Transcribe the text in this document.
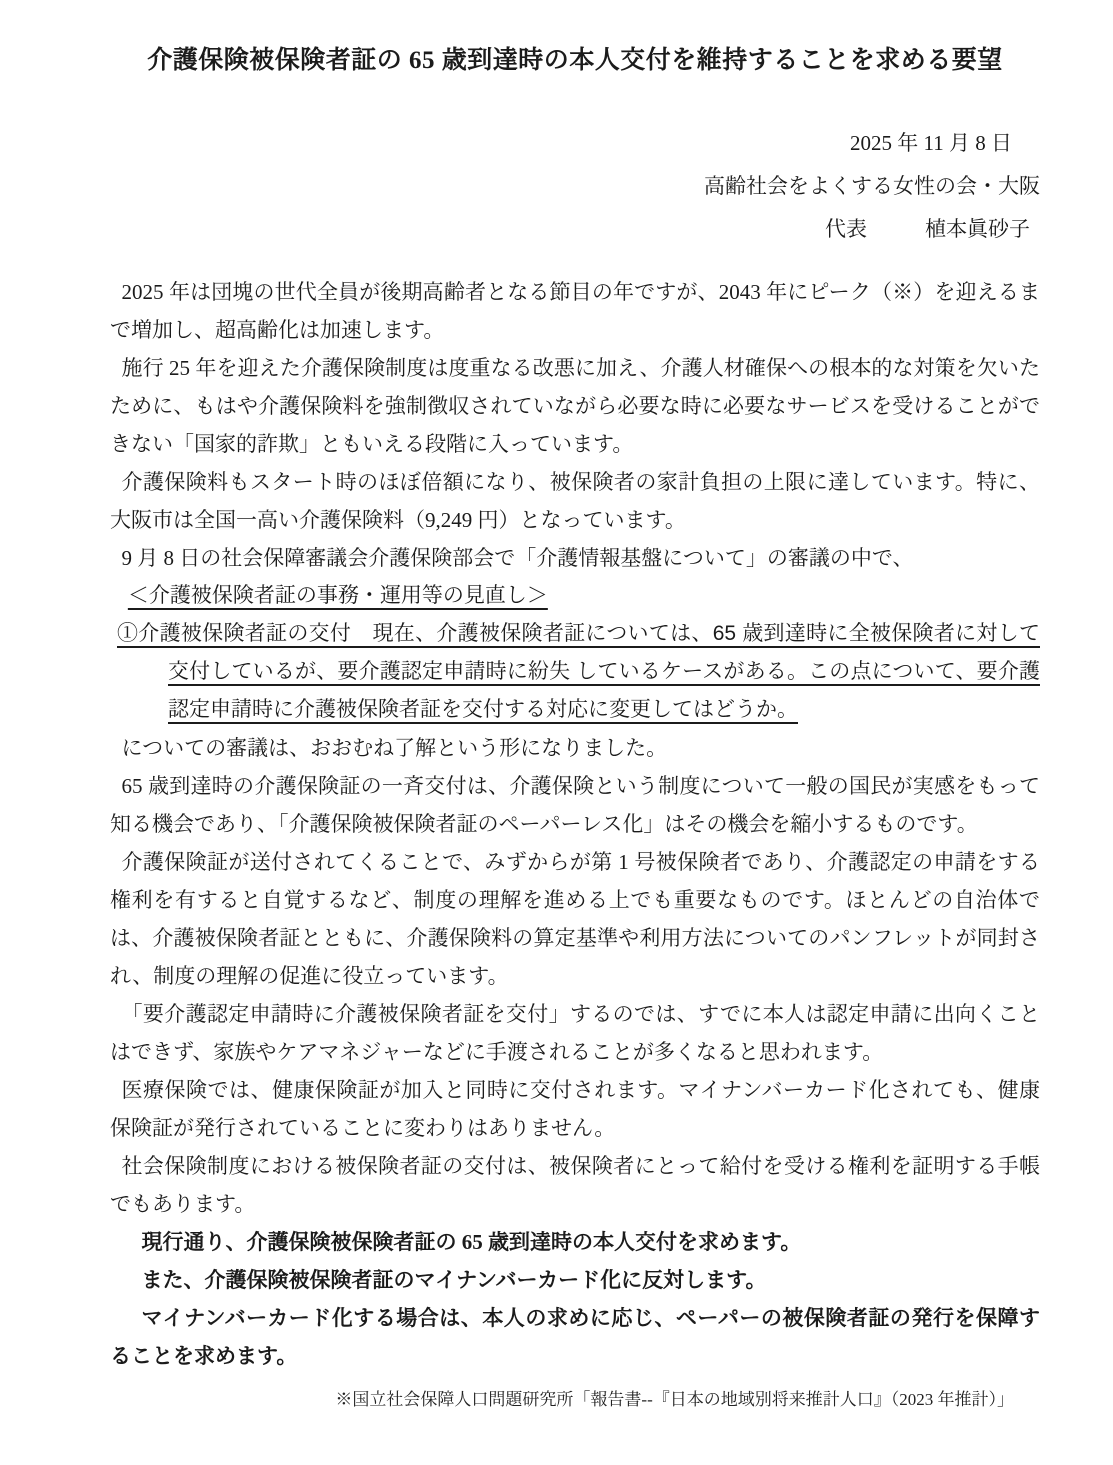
介護保険被保険者証の 65 歳到達時の本人交付を維持することを求める要望

2025 年 11 月 8 日

高齢社会をよくする女性の会・大阪

代表	植本眞砂子

2025 年は団塊の世代全員が後期高齢者となる節目の年ですが、2043 年にピーク（※）を迎えるまで増加し、超高齢化は加速します。

施行 25 年を迎えた介護保険制度は度重なる改悪に加え、介護人材確保への根本的な対策を欠いたために、もはや介護保険料を強制徴収されていながら必要な時に必要なサービスを受けることができない「国家的詐欺」ともいえる段階に入っています。

介護保険料もスタート時のほぼ倍額になり、被保険者の家計負担の上限に達しています。特に、大阪市は全国一高い介護保険料（9,249 円）となっています。

9 月 8 日の社会保障審議会介護保険部会で「介護情報基盤について」の審議の中で、

＜介護被保険者証の事務・運用等の見直し＞

①介護被保険者証の交付　現在、介護被保険者証については、65 歳到達時に全被保険者に対して交付しているが、要介護認定申請時に紛失 しているケースがある。この点について、要介護認定申請時に介護被保険者証を交付する対応に変更してはどうか。

についての審議は、おおむね了解という形になりました。

65 歳到達時の介護保険証の一斉交付は、介護保険という制度について一般の国民が実感をもって知る機会であり、「介護保険被保険者証のペーパーレス化」はその機会を縮小するものです。

介護保険証が送付されてくることで、みずからが第 1 号被保険者であり、介護認定の申請をする権利を有すると自覚するなど、制度の理解を進める上でも重要なものです。ほとんどの自治体では、介護被保険者証とともに、介護保険料の算定基準や利用方法についてのパンフレットが同封され、制度の理解の促進に役立っています。

「要介護認定申請時に介護被保険者証を交付」するのでは、すでに本人は認定申請に出向くことはできず、家族やケアマネジャーなどに手渡されることが多くなると思われます。

医療保険では、健康保険証が加入と同時に交付されます。マイナンバーカード化されても、健康保険証が発行されていることに変わりはありません。

社会保険制度における被保険者証の交付は、被保険者にとって給付を受ける権利を証明する手帳でもあります。

現行通り、介護保険被保険者証の 65 歳到達時の本人交付を求めます。

また、介護保険被保険者証のマイナンバーカード化に反対します。

マイナンバーカード化する場合は、本人の求めに応じ、ペーパーの被保険者証の発行を保障することを求めます。

※国立社会保障人口問題研究所「報告書--『日本の地域別将来推計人口』（2023 年推計）」
